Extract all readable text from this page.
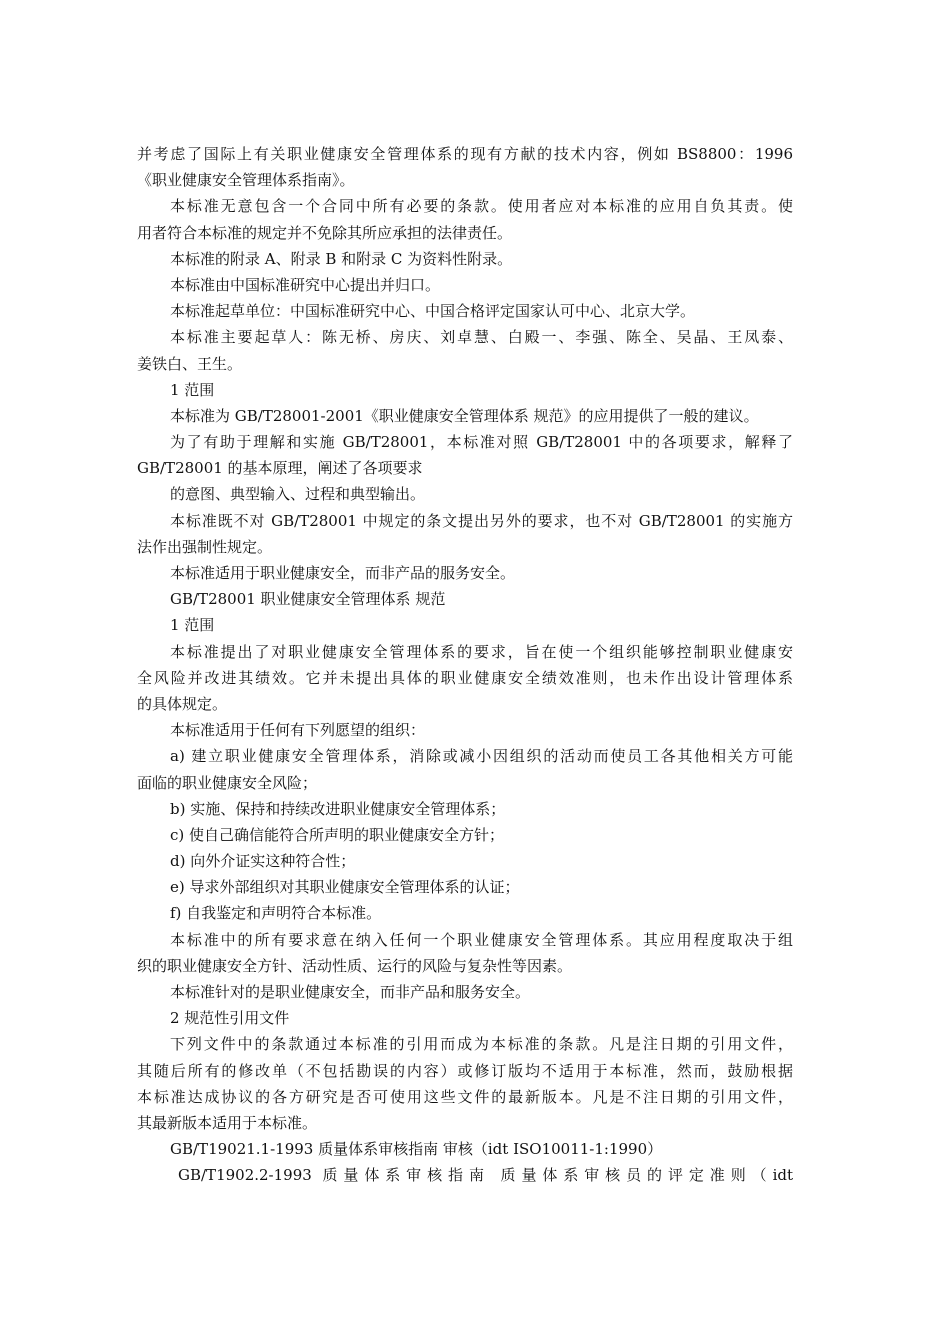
并考虑了国际上有关职业健康安全管理体系的现有方献的技术内容，例如 BS8800：1996
《职业健康安全管理体系指南》。
本标准无意包含一个合同中所有必要的条款。使用者应对本标准的应用自负其责。使
用者符合本标准的规定并不免除其所应承担的法律责任。
本标准的附录 A、附录 B 和附录 C 为资料性附录。
本标准由中国标准研究中心提出并归口。
本标准起草单位：中国标准研究中心、中国合格评定国家认可中心、北京大学。
本标准主要起草人：陈无桥、房庆、刘卓慧、白殿一、李强、陈全、吴晶、王凤泰、
姜铁白、王生。
1 范围
本标准为 GB/T28001-2001《职业健康安全管理体系 规范》的应用提供了一般的建议。
为了有助于理解和实施 GB/T28001，本标准对照 GB/T28001 中的各项要求，解释了
GB/T28001 的基本原理，阐述了各项要求
的意图、典型输入、过程和典型输出。
本标准既不对 GB/T28001 中规定的条文提出另外的要求，也不对 GB/T28001 的实施方
法作出强制性规定。
本标准适用于职业健康安全，而非产品的服务安全。
GB/T28001 职业健康安全管理体系 规范
1 范围
本标准提出了对职业健康安全管理体系的要求，旨在使一个组织能够控制职业健康安
全风险并改进其绩效。它并未提出具体的职业健康安全绩效准则，也未作出设计管理体系
的具体规定。
本标准适用于任何有下列愿望的组织：
a) 建立职业健康安全管理体系，消除或减小因组织的活动而使员工各其他相关方可能
面临的职业健康安全风险；
b) 实施、保持和持续改进职业健康安全管理体系；
c) 使自己确信能符合所声明的职业健康安全方针；
d) 向外介证实这种符合性；
e) 导求外部组织对其职业健康安全管理体系的认证；
f) 自我鉴定和声明符合本标准。
本标准中的所有要求意在纳入任何一个职业健康安全管理体系。其应用程度取决于组
织的职业健康安全方针、活动性质、运行的风险与复杂性等因素。
本标准针对的是职业健康安全，而非产品和服务安全。
2 规范性引用文件
下列文件中的条款通过本标准的引用而成为本标准的条款。凡是注日期的引用文件，
其随后所有的修改单（不包括勘误的内容）或修订版均不适用于本标准，然而，鼓励根据
本标准达成协议的各方研究是否可使用这些文件的最新版本。凡是不注日期的引用文件，
其最新版本适用于本标准。
GB/T19021.1-1993 质量体系审核指南 审核（idt ISO10011-1:1990）
GB/T1902.2-1993 质量体系审核指南 质量体系审核员的评定准则（idt
